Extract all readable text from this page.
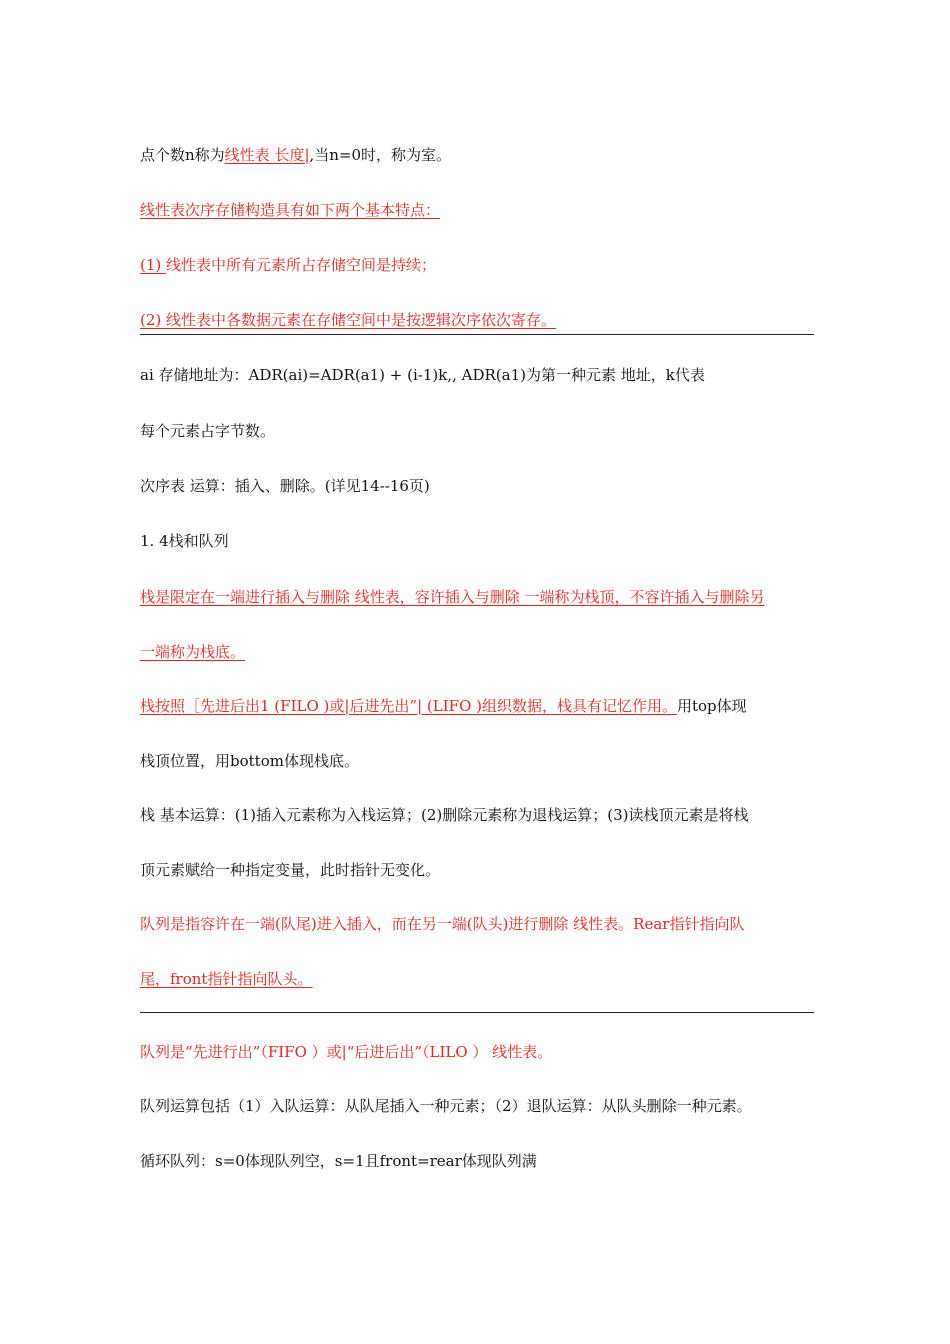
点个数n称为线性表 长度|,当n=0时，称为室。
线性表次序存储构造具有如下两个基本特点：
(1) 线性表中所有元素所占存储空间是持续；
(2) 线性表中各数据元素在存储空间中是按逻辑次序依次寄存。
ai 存储地址为：ADR(ai)=ADR(a1) + (i-1)k,, ADR(a1)为第一种元素 地址，k代表
每个元素占字节数。
次序表 运算：插入、删除。(详见14--16页)
1. 4栈和队列
栈是限定在一端进行插入与删除 线性表，容许插入与删除 一端称为栈顶，不容许插入与删除另
一端称为栈底。
栈按照［先进后出1 (FILO )或|后进先出”| (LIFO )组织数据，栈具有记忆作用。用top体现
栈顶位置，用bottom体现栈底。
栈 基本运算：(1)插入元素称为入栈运算；(2)删除元素称为退栈运算；(3)读栈顶元素是将栈
顶元素赋给一种指定变量，此时指针无变化。
队列是指容许在一端(队尾)进入插入，而在另一端(队头)进行删除 线性表。Rear指针指向队
尾，front指针指向队头。
队列是“先进行出”（FIFO ）或|“后进后出”（LILO ） 线性表。
队列运算包括（1）入队运算：从队尾插入一种元素；（2）退队运算：从队头删除一种元素。
循环队列：s=0体现队列空，s=1且front=rear体现队列满
